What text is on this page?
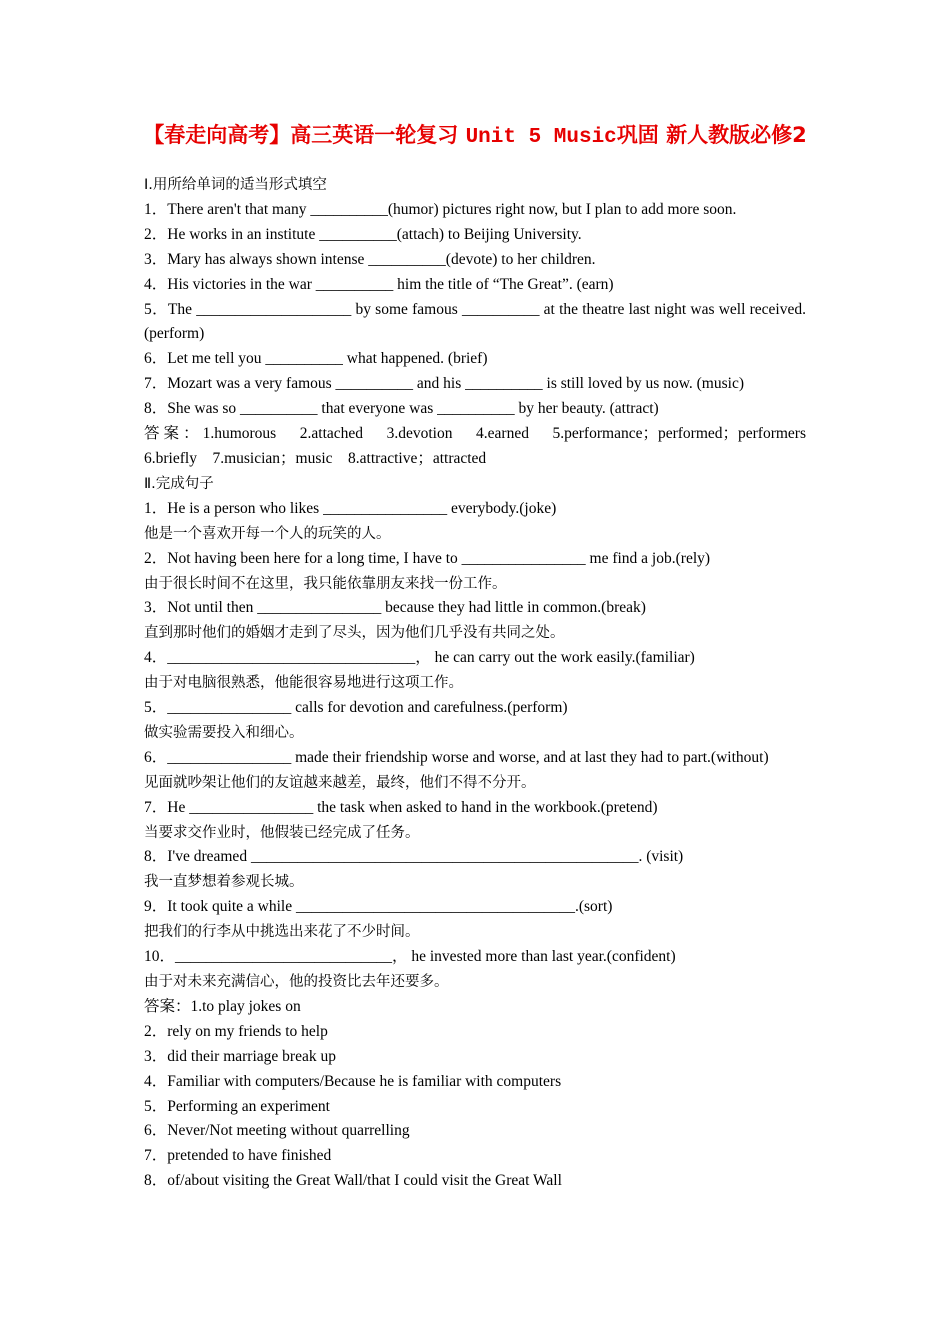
【春走向高考】高三英语一轮复习 Unit 5 Music巩固 新人教版必修2
Ⅰ.用所给单词的适当形式填空
1．There aren't that many __________(humor) pictures right now, but I plan to add more soon.
2．He works in an institute __________(attach) to Beijing University.
3．Mary has always shown intense __________(devote) to her children.
4．His victories in the war __________ him the title of “The Great”. (earn)
5．The ____________________ by some famous __________ at the theatre last night was well received. (perform)
6．Let me tell you __________ what happened. (brief)
7．Mozart was a very famous __________ and his __________ is still loved by us now. (music)
8．She was so __________ that everyone was __________ by her beauty. (attract)
答案：1.humorous　2.attached　3.devotion　4.earned　5.performance；performed；performers　6.briefly　7.musician；music　8.attractive；attracted
Ⅱ.完成句子
1．He is a person who likes ________________ everybody.(joke)
他是一个喜欢开每一个人的玩笑的人。
2．Not having been here for a long time, I have to ________________ me find a job.(rely)
由于很长时间不在这里，我只能依靠朋友来找一份工作。
3．Not until then ________________ because they had little in common.(break)
直到那时他们的婚姻才走到了尽头，因为他们几乎没有共同之处。
4．________________________________， he can carry out the work easily.(familiar)
由于对电脑很熟悉，他能很容易地进行这项工作。
5．________________ calls for devotion and carefulness.(perform)
做实验需要投入和细心。
6．________________ made their friendship worse and worse, and at last they had to part.(without)
见面就吵架让他们的友谊越来越差，最终，他们不得不分开。
7．He ________________ the task when asked to hand in the workbook.(pretend)
当要求交作业时，他假装已经完成了任务。
8．I've dreamed __________________________________________________. (visit)
我一直梦想着参观长城。
9．It took quite a while ____________________________________.(sort)
把我们的行李从中挑选出来花了不少时间。
10．____________________________， he invested more than last year.(confident)
由于对未来充满信心，他的投资比去年还要多。
答案：1.to play jokes on
2．rely on my friends to help
3．did their marriage break up
4．Familiar with computers/Because he is familiar with computers
5．Performing an experiment
6．Never/Not meeting without quarrelling
7．pretended to have finished
8．of/about visiting the Great Wall/that I could visit the Great Wall
